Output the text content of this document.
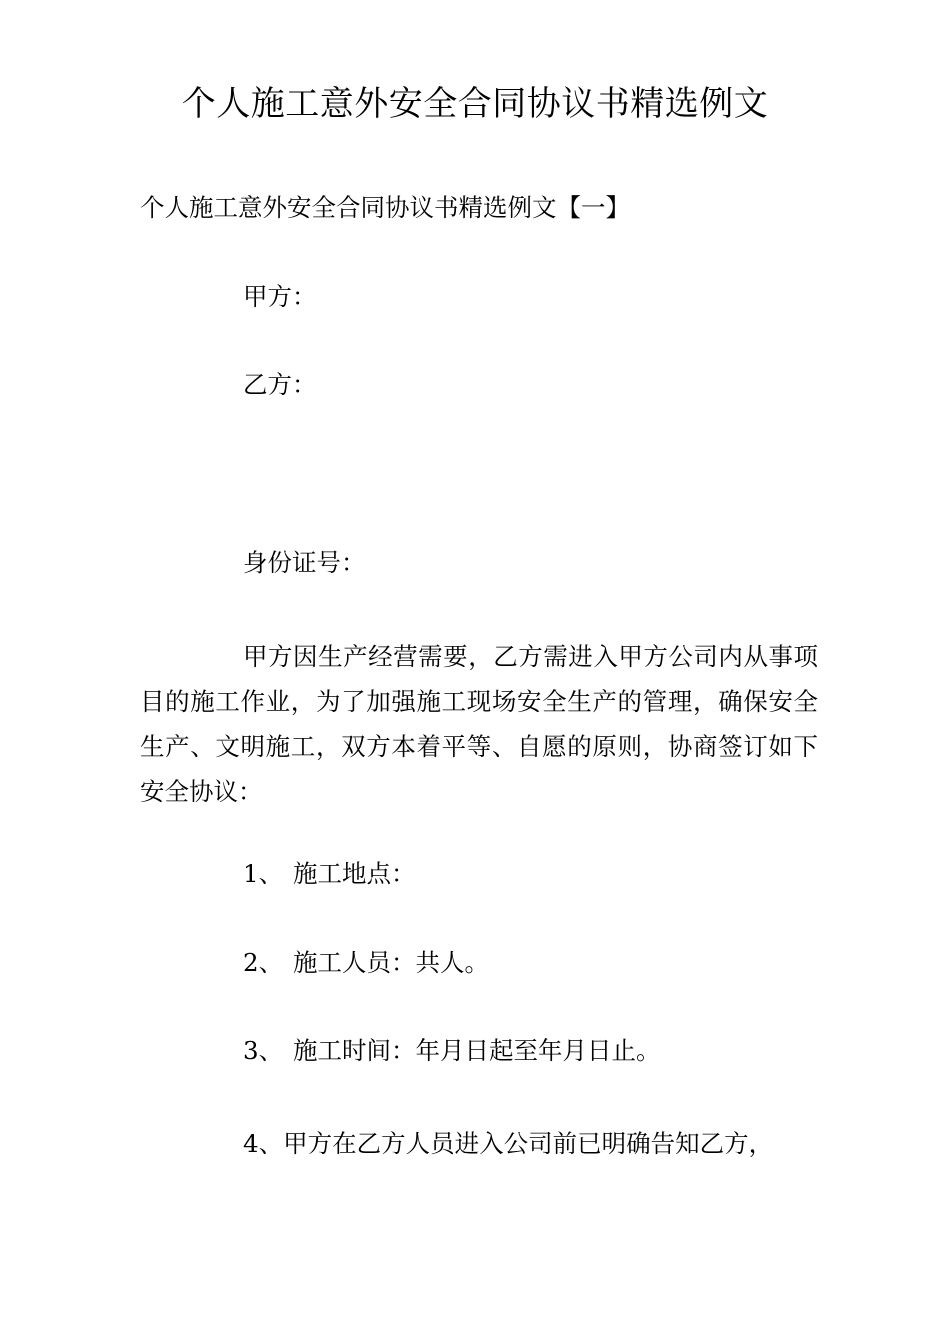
个人施工意外安全合同协议书精选例文

个人施工意外安全合同协议书精选例文【一】

甲方：

乙方：

身份证号：

甲方因生产经营需要，乙方需进入甲方公司内从事项目的施工作业，为了加强施工现场安全生产的管理，确保安全生产、文明施工，双方本着平等、自愿的原则，协商签订如下安全协议：

1、 施工地点：

2、 施工人员：共人。

3、 施工时间：年月日起至年月日止。

4、甲方在乙方人员进入公司前已明确告知乙方，
